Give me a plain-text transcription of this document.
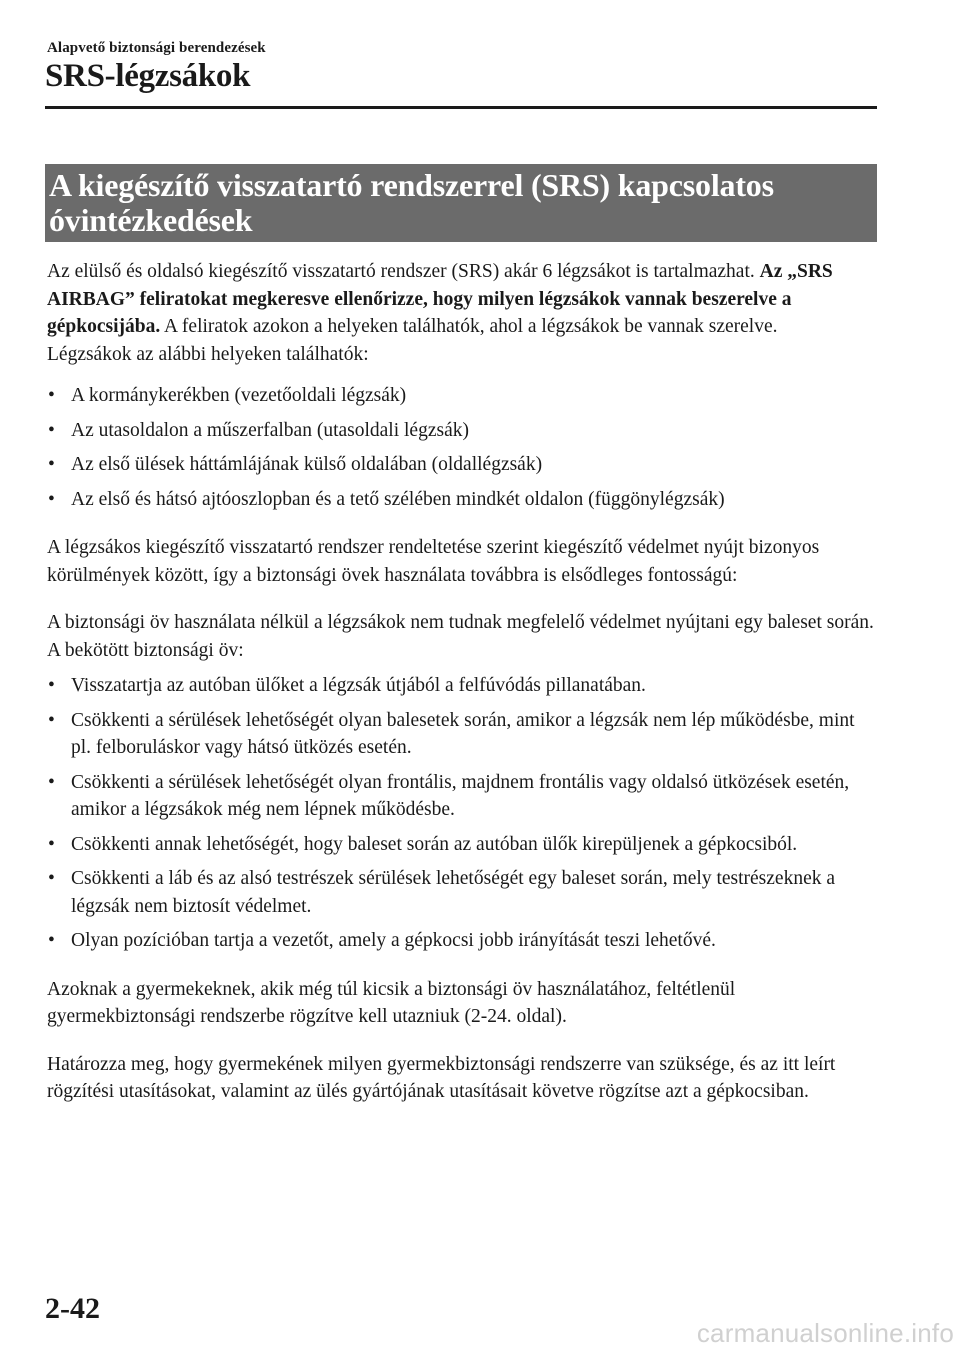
Alapvető biztonsági berendezések
SRS-légzsákok
A kiegészítő visszatartó rendszerrel (SRS) kapcsolatos óvintézkedések

Az elülső és oldalsó kiegészítő visszatartó rendszer (SRS) akár 6 légzsákot is tartalmazhat. Az „SRS AIRBAG” feliratokat megkeresve ellenőrizze, hogy milyen légzsákok vannak beszerelve a gépkocsijába. A feliratok azokon a helyeken találhatók, ahol a légzsákok be vannak szerelve.

Légzsákok az alábbi helyeken találhatók:

• A kormánykerékben (vezetőoldali légzsák)
• Az utasoldalon a műszerfalban (utasoldali légzsák)
• Az első ülések háttámlájának külső oldalában (oldallégzsák)
• Az első és hátsó ajtóoszlopban és a tető szélében mindkét oldalon (függönylégzsák)

A légzsákos kiegészítő visszatartó rendszer rendeltetése szerint kiegészítő védelmet nyújt bizonyos körülmények között, így a biztonsági övek használata továbbra is elsődleges fontosságú:

A biztonsági öv használata nélkül a légzsákok nem tudnak megfelelő védelmet nyújtani egy baleset során. A bekötött biztonsági öv:

• Visszatartja az autóban ülőket a légzsák útjából a felfúvódás pillanatában.
• Csökkenti a sérülések lehetőségét olyan balesetek során, amikor a légzsák nem lép működésbe, mint pl. felboruláskor vagy hátsó ütközés esetén.
• Csökkenti a sérülések lehetőségét olyan frontális, majdnem frontális vagy oldalsó ütközések esetén, amikor a légzsákok még nem lépnek működésbe.
• Csökkenti annak lehetőségét, hogy baleset során az autóban ülők kirepüljenek a gépkocsiból.
• Csökkenti a láb és az alsó testrészek sérülések lehetőségét egy baleset során, mely testrészeknek a légzsák nem biztosít védelmet.
• Olyan pozícióban tartja a vezetőt, amely a gépkocsi jobb irányítását teszi lehetővé.

Azoknak a gyermekeknek, akik még túl kicsik a biztonsági öv használatához, feltétlenül gyermekbiztonsági rendszerbe rögzítve kell utazniuk (2-24. oldal).

Határozza meg, hogy gyermekének milyen gyermekbiztonsági rendszerre van szüksége, és az itt leírt rögzítési utasításokat, valamint az ülés gyártójának utasításait követve rögzítse azt a gépkocsiban.

2-42
carmanualsonline.info
